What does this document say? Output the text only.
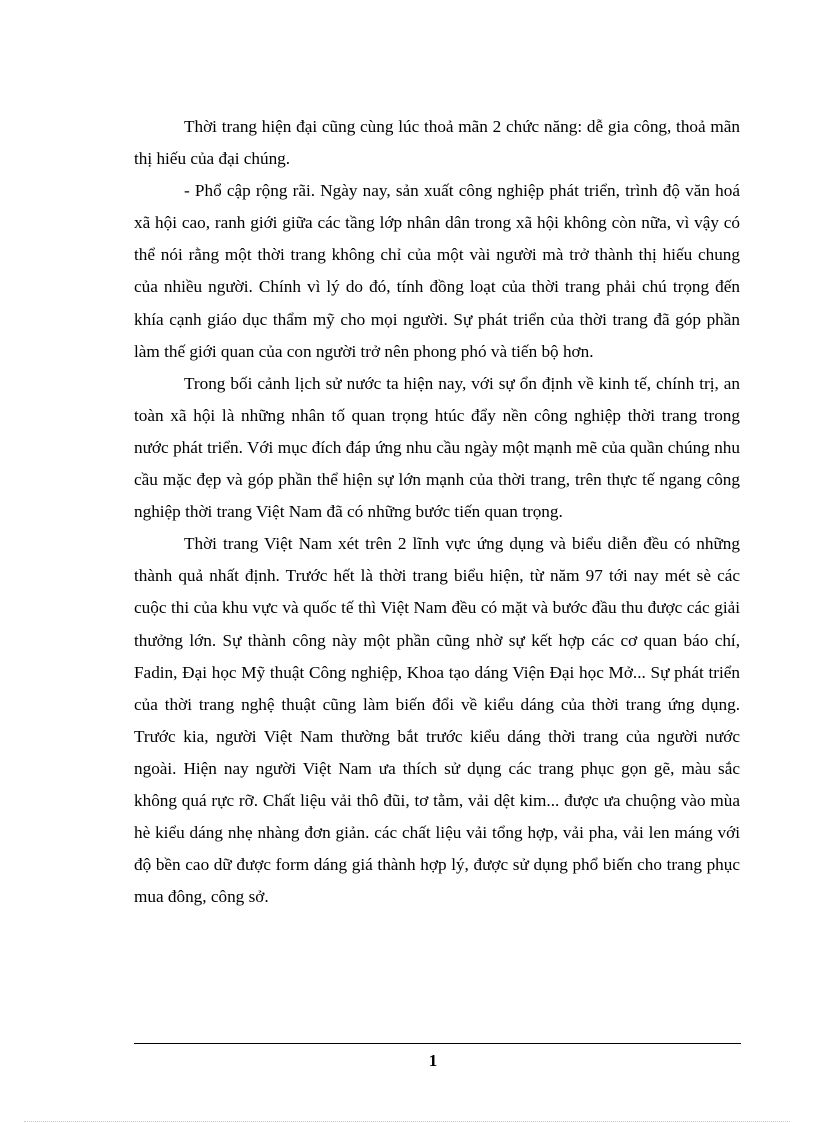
Thời trang hiện đại cũng cùng lúc thoả mãn 2 chức năng: dễ gia công, thoả mãn thị hiếu của đại chúng.

- Phổ cập rộng rãi. Ngày nay, sản xuất công nghiệp phát triển, trình độ văn hoá xã hội cao, ranh giới giữa các tầng lớp nhân dân trong xã hội không còn nữa, vì vậy có thể nói rằng một thời trang không chỉ của một vài người mà trở thành thị hiếu chung của nhiều người. Chính vì lý do đó, tính đồng loạt của thời trang phải chú trọng đến khía cạnh giáo dục thẩm mỹ cho mọi người. Sự phát triển của thời trang đã góp phần làm thế giới quan của con người trở nên phong phó và tiến bộ hơn.

Trong bối cảnh lịch sử nước ta hiện nay, với sự ổn định về kinh tế, chính trị, an toàn xã hội là những nhân tố quan trọng htúc đẩy nền công nghiệp thời trang trong nước phát triển. Với mục đích đáp ứng nhu cầu ngày một mạnh mẽ của quần chúng nhu cầu mặc đẹp và góp phần thể hiện sự lớn mạnh của thời trang, trên thực tế ngang công nghiệp thời trang Việt Nam đã có những bước tiến quan trọng.

Thời trang Việt Nam xét trên 2 lĩnh vực ứng dụng và biểu diễn đều có những thành quả nhất định. Trước hết là thời trang biểu hiện, từ năm 97 tới nay mét sè các cuộc thi của khu vực và quốc tế thì Việt Nam đều có mặt và bước đầu thu được các giải thưởng lớn. Sự thành công này một phần cũng nhờ sự kết hợp các cơ quan báo chí, Fadin, Đại học Mỹ thuật Công nghiệp, Khoa tạo dáng Viện Đại học Mở... Sự phát triển của thời trang nghệ thuật cũng làm biến đổi về kiểu dáng của thời trang ứng dụng. Trước kia, người Việt Nam thường bắt trước kiểu dáng thời trang của người nước ngoài. Hiện nay người Việt Nam ưa thích sử dụng các trang phục gọn gẽ, màu sắc không quá rực rỡ. Chất liệu vải thô đũi, tơ tằm, vải dệt kim... được ưa chuộng vào mùa hè kiểu dáng nhẹ nhàng đơn giản. các chất liệu vải tổng hợp, vải pha, vải len máng với độ bền cao dữ được form dáng giá thành hợp lý, được sử dụng phổ biến cho trang phục mua đông, công sở.

1
